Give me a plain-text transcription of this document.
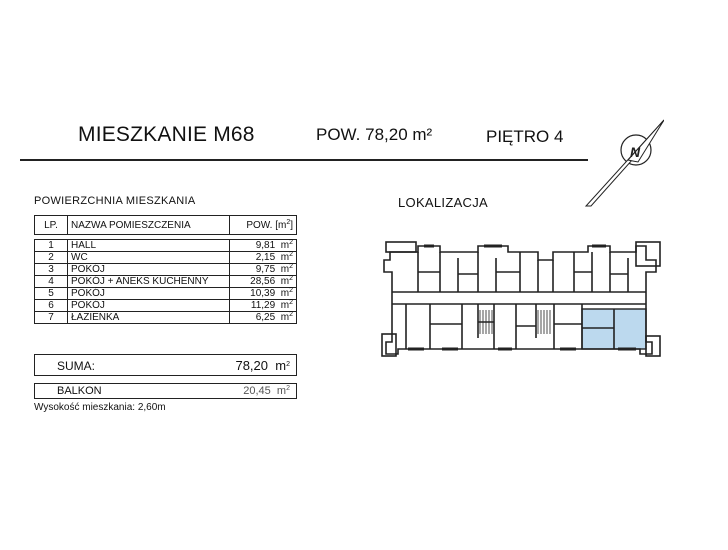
MIESZKANIE M68	POW. 78,20 m²	PIĘTRO 4
N
POWIERZCHNIA MIESZKANIA
LP.	NAZWA POMIESZCZENIA	POW. $[m^2]$

1	HALL	9,81 $m^2$
2	WC	2,15 $m^2$
3	POKÓJ	9,75 $m^2$
4	POKÓJ + ANEKS KUCHENNY	28,56 $m^2$
5	POKÓJ	10,39 $m^2$
6	POKÓJ	11,29 $m^2$
7	ŁAZIENKA	6,25 $m^2$
SUMA:	78,20 $m^2$
BALKON	20,45 $m^2$
Wysokość mieszkania: 2,60m
LOKALIZACJA
